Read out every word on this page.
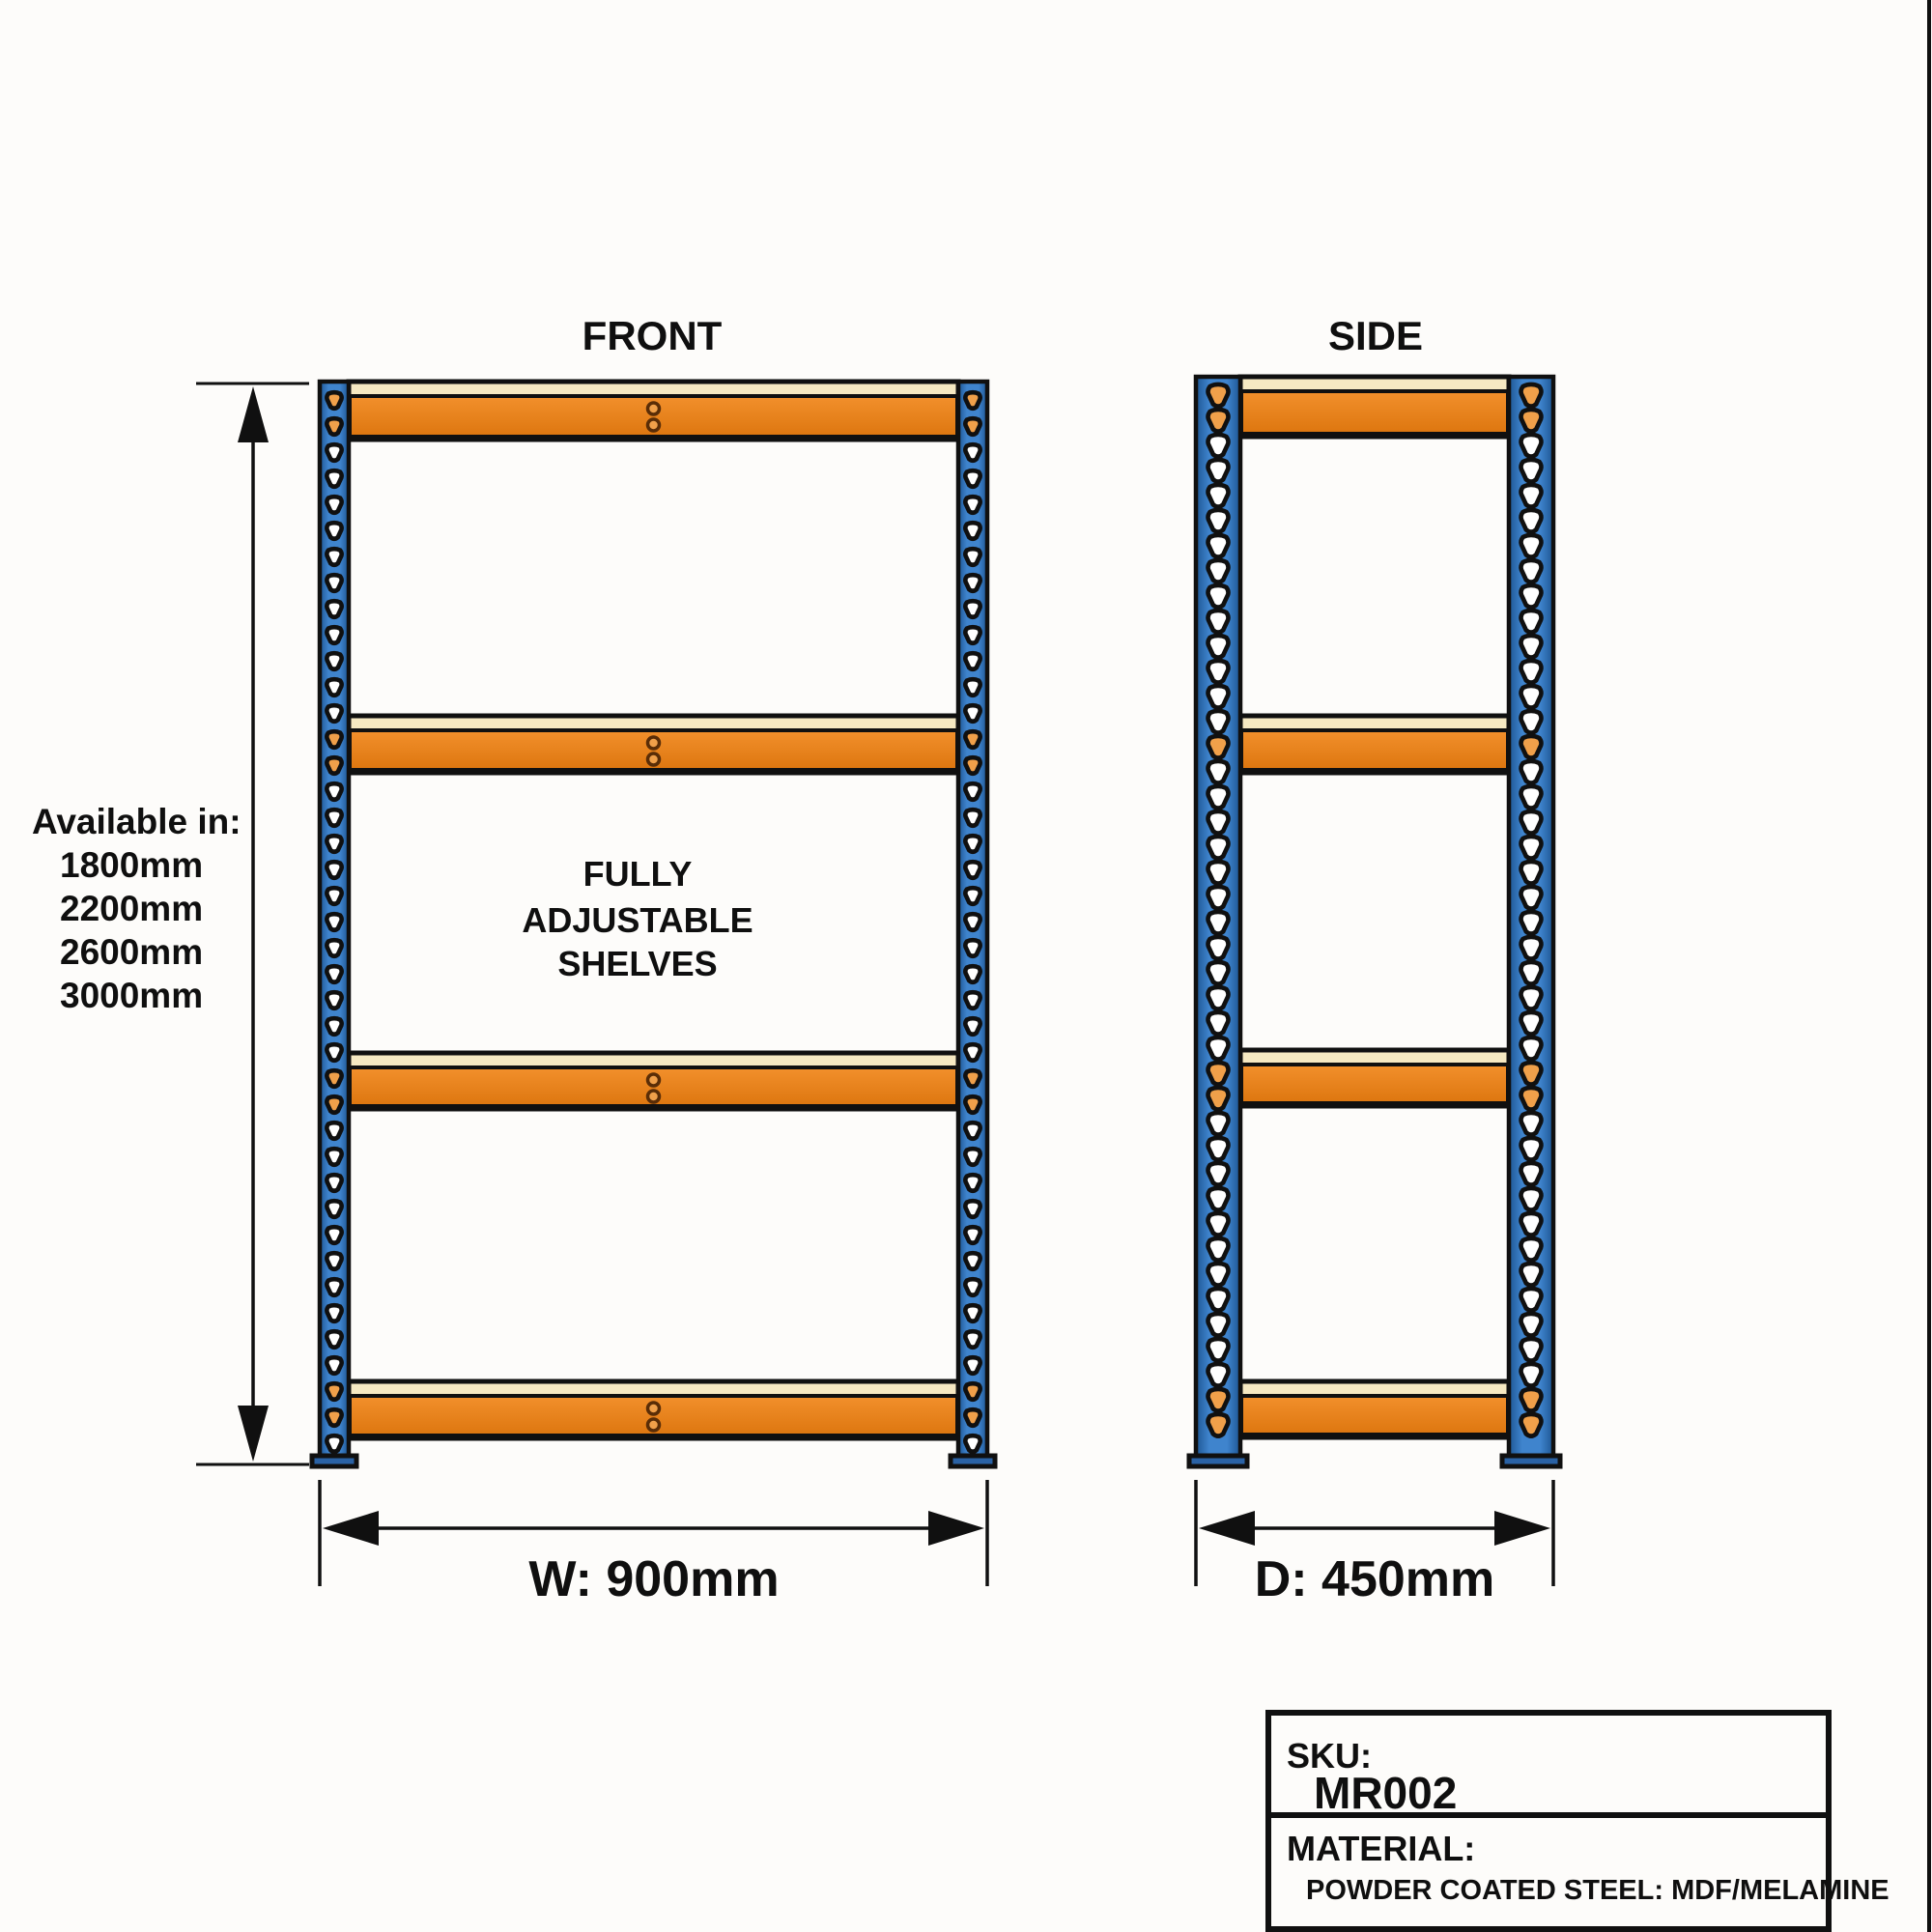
FRONT	SIDE
Available in:
1800mm
2200mm
2600mm
3000mm
FULLY
ADJUSTABLE
SHELVES
W: 900mm	D: 450mm
SKU:
MR002
MATERIAL:
POWDER COATED STEEL: MDF/MELAMINE
